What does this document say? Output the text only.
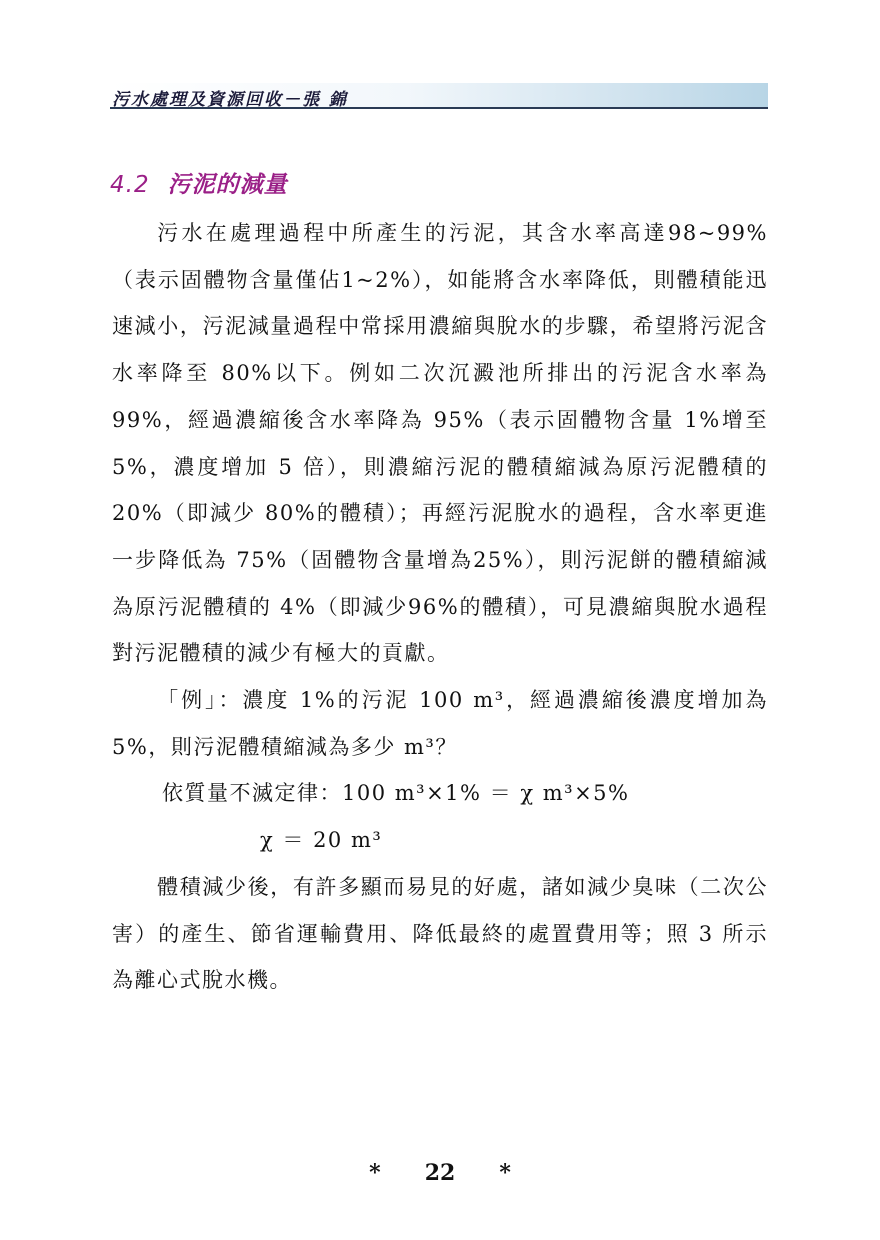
污水處理及資源回收－張 錦
4.2 污泥的減量

污水在處理過程中所產生的污泥，其含水率高達98~99%（表示固體物含量僅佔1~2%），如能將含水率降低，則體積能迅速減小，污泥減量過程中常採用濃縮與脫水的步驟，希望將污泥含水率降至 80%以下。例如二次沉澱池所排出的污泥含水率為 99%，經過濃縮後含水率降為 95%（表示固體物含量 1%增至 5%，濃度增加 5 倍），則濃縮污泥的體積縮減為原污泥體積的 20%（即減少 80%的體積）；再經污泥脫水的過程，含水率更進一步降低為 75%（固體物含量增為25%），則污泥餅的體積縮減為原污泥體積的 4%（即減少96%的體積），可見濃縮與脫水過程對污泥體積的減少有極大的貢獻。

「例」：濃度 1%的污泥 100 m³，經過濃縮後濃度增加為5%，則污泥體積縮減為多少 m³？

依質量不滅定律：100 m³×1% ＝ χ m³×5%

χ ＝ 20 m³

體積減少後，有許多顯而易見的好處，諸如減少臭味（二次公害）的產生、節省運輸費用、降低最終的處置費用等；照 3 所示為離心式脫水機。

* 22 *
